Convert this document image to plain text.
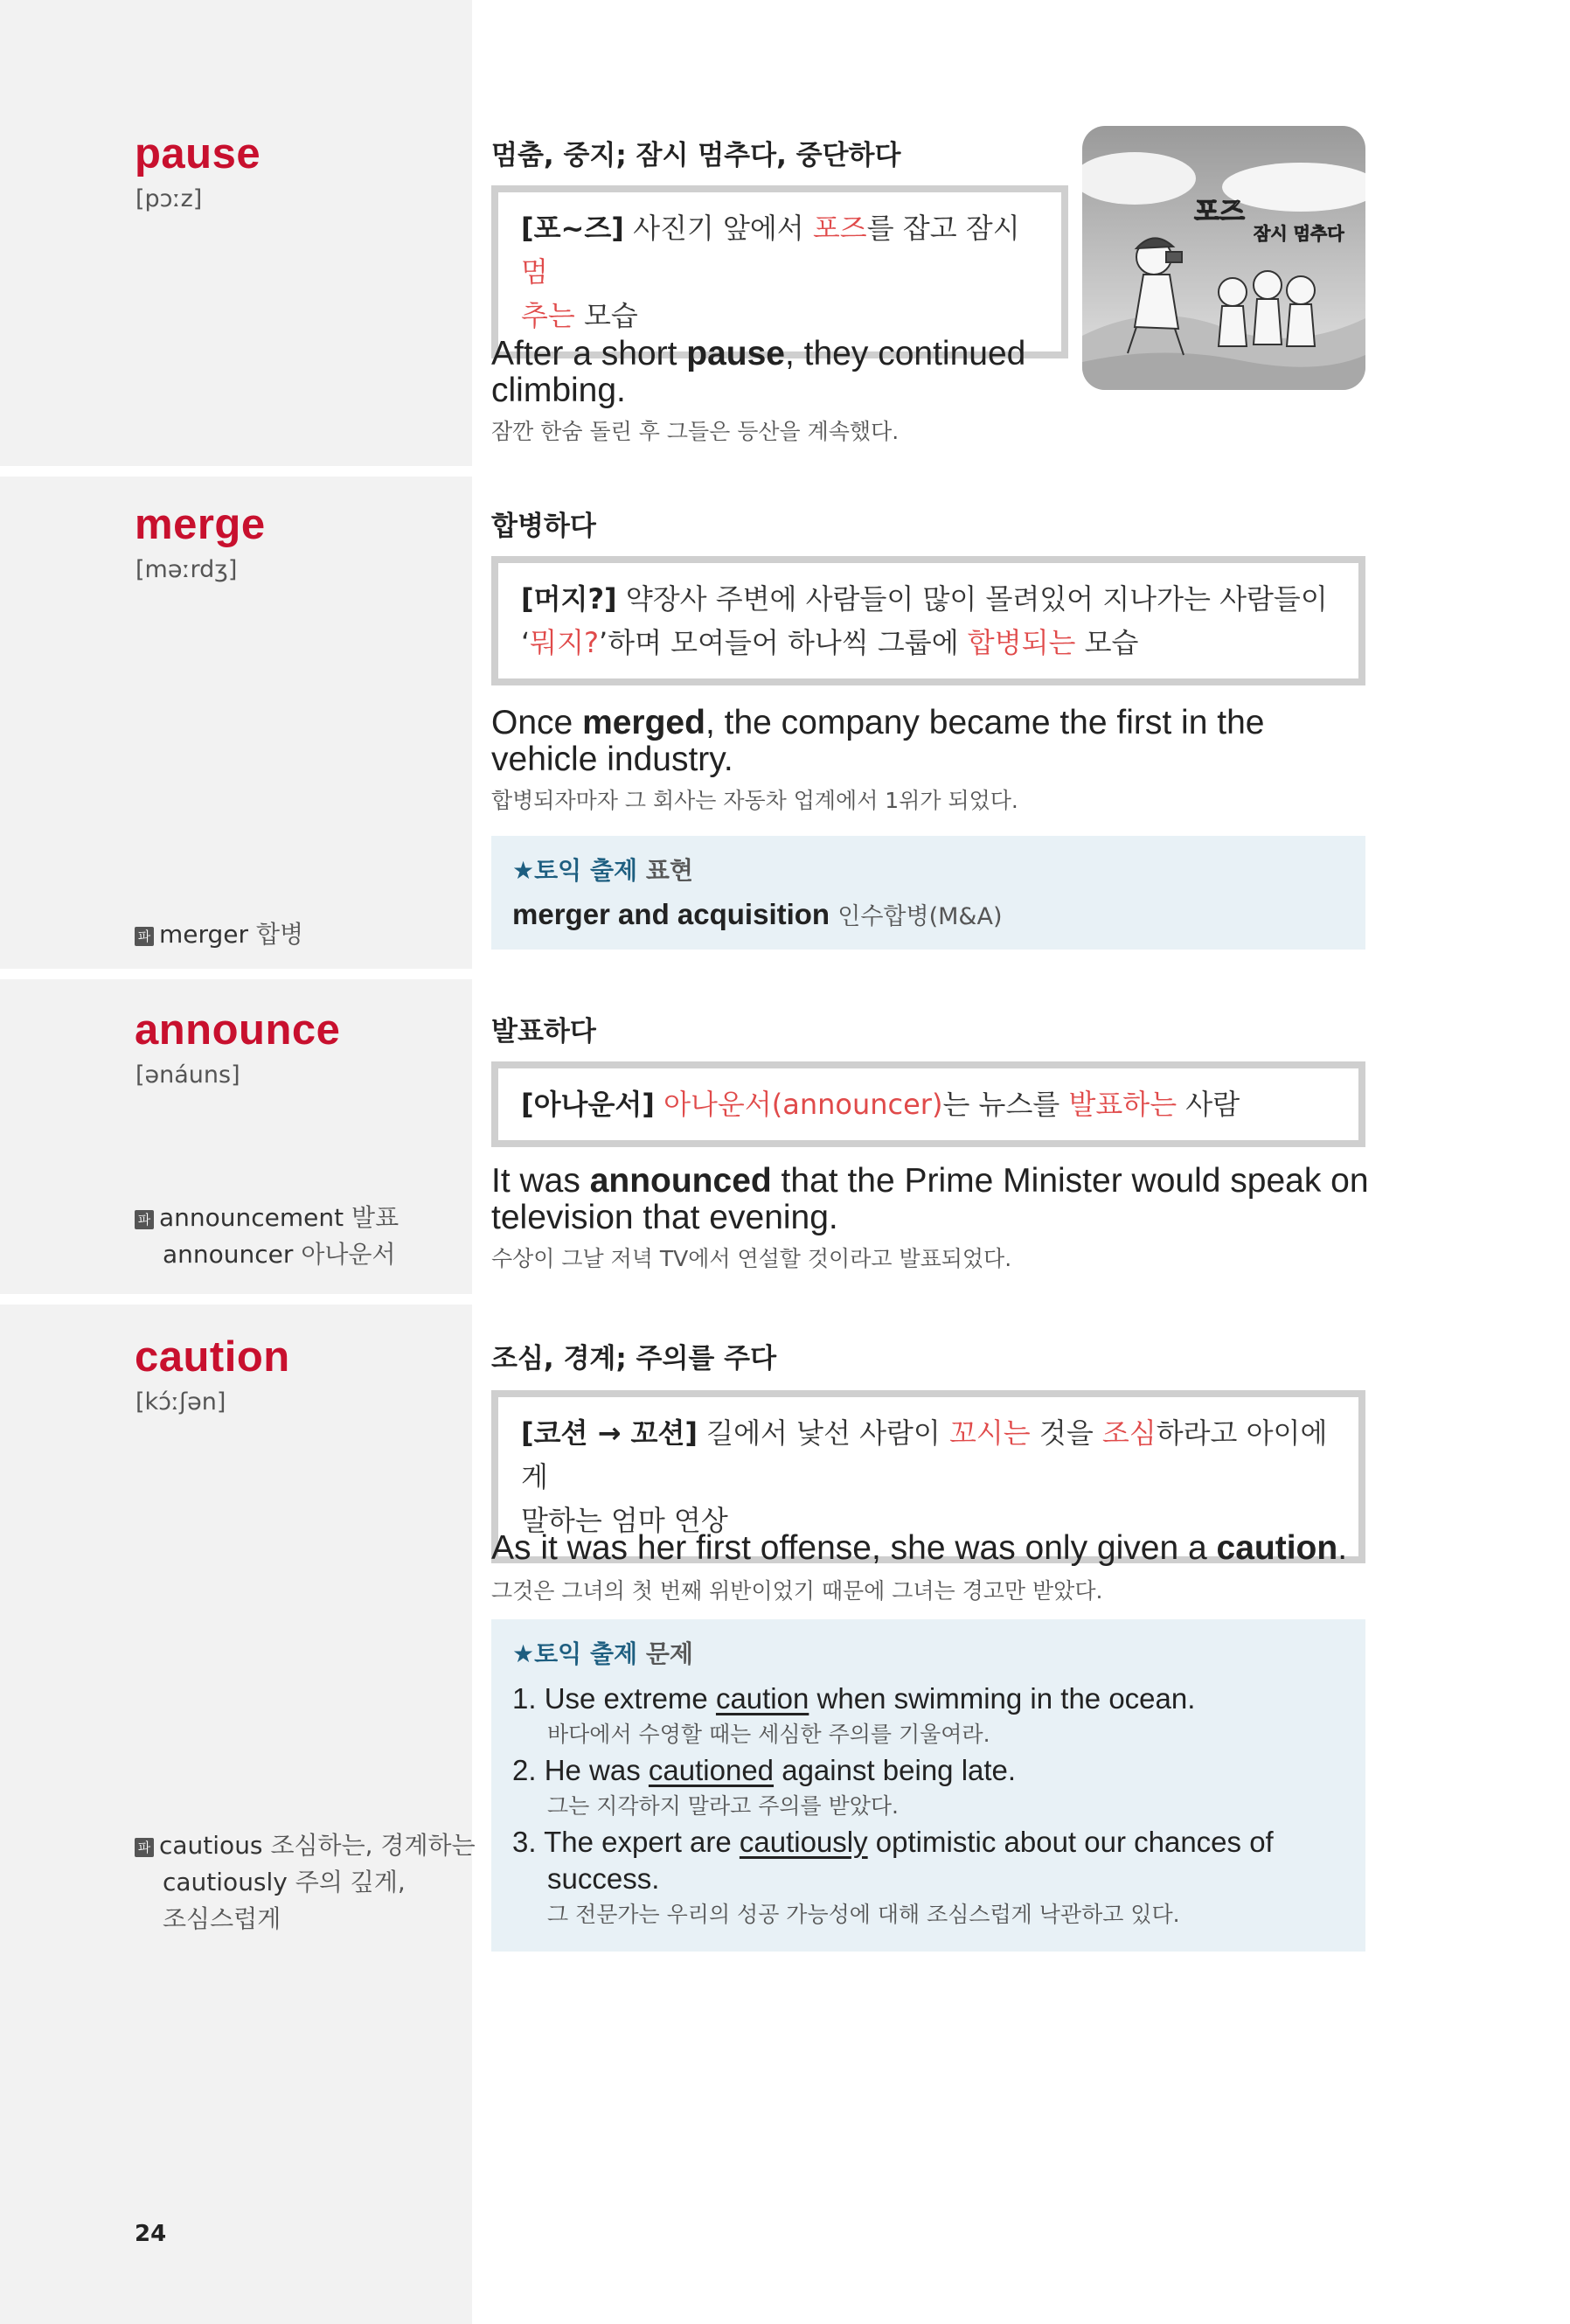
pause
[pɔːz]
멈춤, 중지; 잠시 멈추다, 중단하다
[포~즈] 사진기 앞에서 포즈를 잡고 잠시 멈
추는 모습
After a short pause, they continued
climbing.
잠깐 한숨 돌린 후 그들은 등산을 계속했다.
포즈
잠시 멈추다
merge
[məːrdʒ]
합병하다
[머지?] 약장사 주변에 사람들이 많이 몰려있어 지나가는 사람들이
‘뭐지?’하며 모여들어 하나씩 그룹에 합병되는 모습
Once merged, the company became the first in the
vehicle industry.
합병되자마자 그 회사는 자동차 업계에서 1위가 되었다.
★토익 출제 표현
merger and acquisition 인수합병(M&A)
파 merger 합병
announce
[ənáuns]
발표하다
[아나운서] 아나운서(announcer)는 뉴스를 발표하는 사람
It was announced that the Prime Minister would speak on
television that evening.
수상이 그날 저녁 TV에서 연설할 것이라고 발표되었다.
파 announcement 발표
announcer 아나운서
caution
[kɔ́ːʃən]
조심, 경계; 주의를 주다
[코션 → 꼬션] 길에서 낯선 사람이 꼬시는 것을 조심하라고 아이에게
말하는 엄마 연상
As it was her first offense, she was only given a caution.
그것은 그녀의 첫 번째 위반이었기 때문에 그녀는 경고만 받았다.
★토익 출제 문제
1. Use extreme caution when swimming in the ocean.
바다에서 수영할 때는 세심한 주의를 기울여라.
2. He was cautioned against being late.
그는 지각하지 말라고 주의를 받았다.
3. The expert are cautiously optimistic about our chances of
success.
그 전문가는 우리의 성공 가능성에 대해 조심스럽게 낙관하고 있다.
파 cautious 조심하는, 경계하는
cautiously 주의 깊게,
조심스럽게
24
